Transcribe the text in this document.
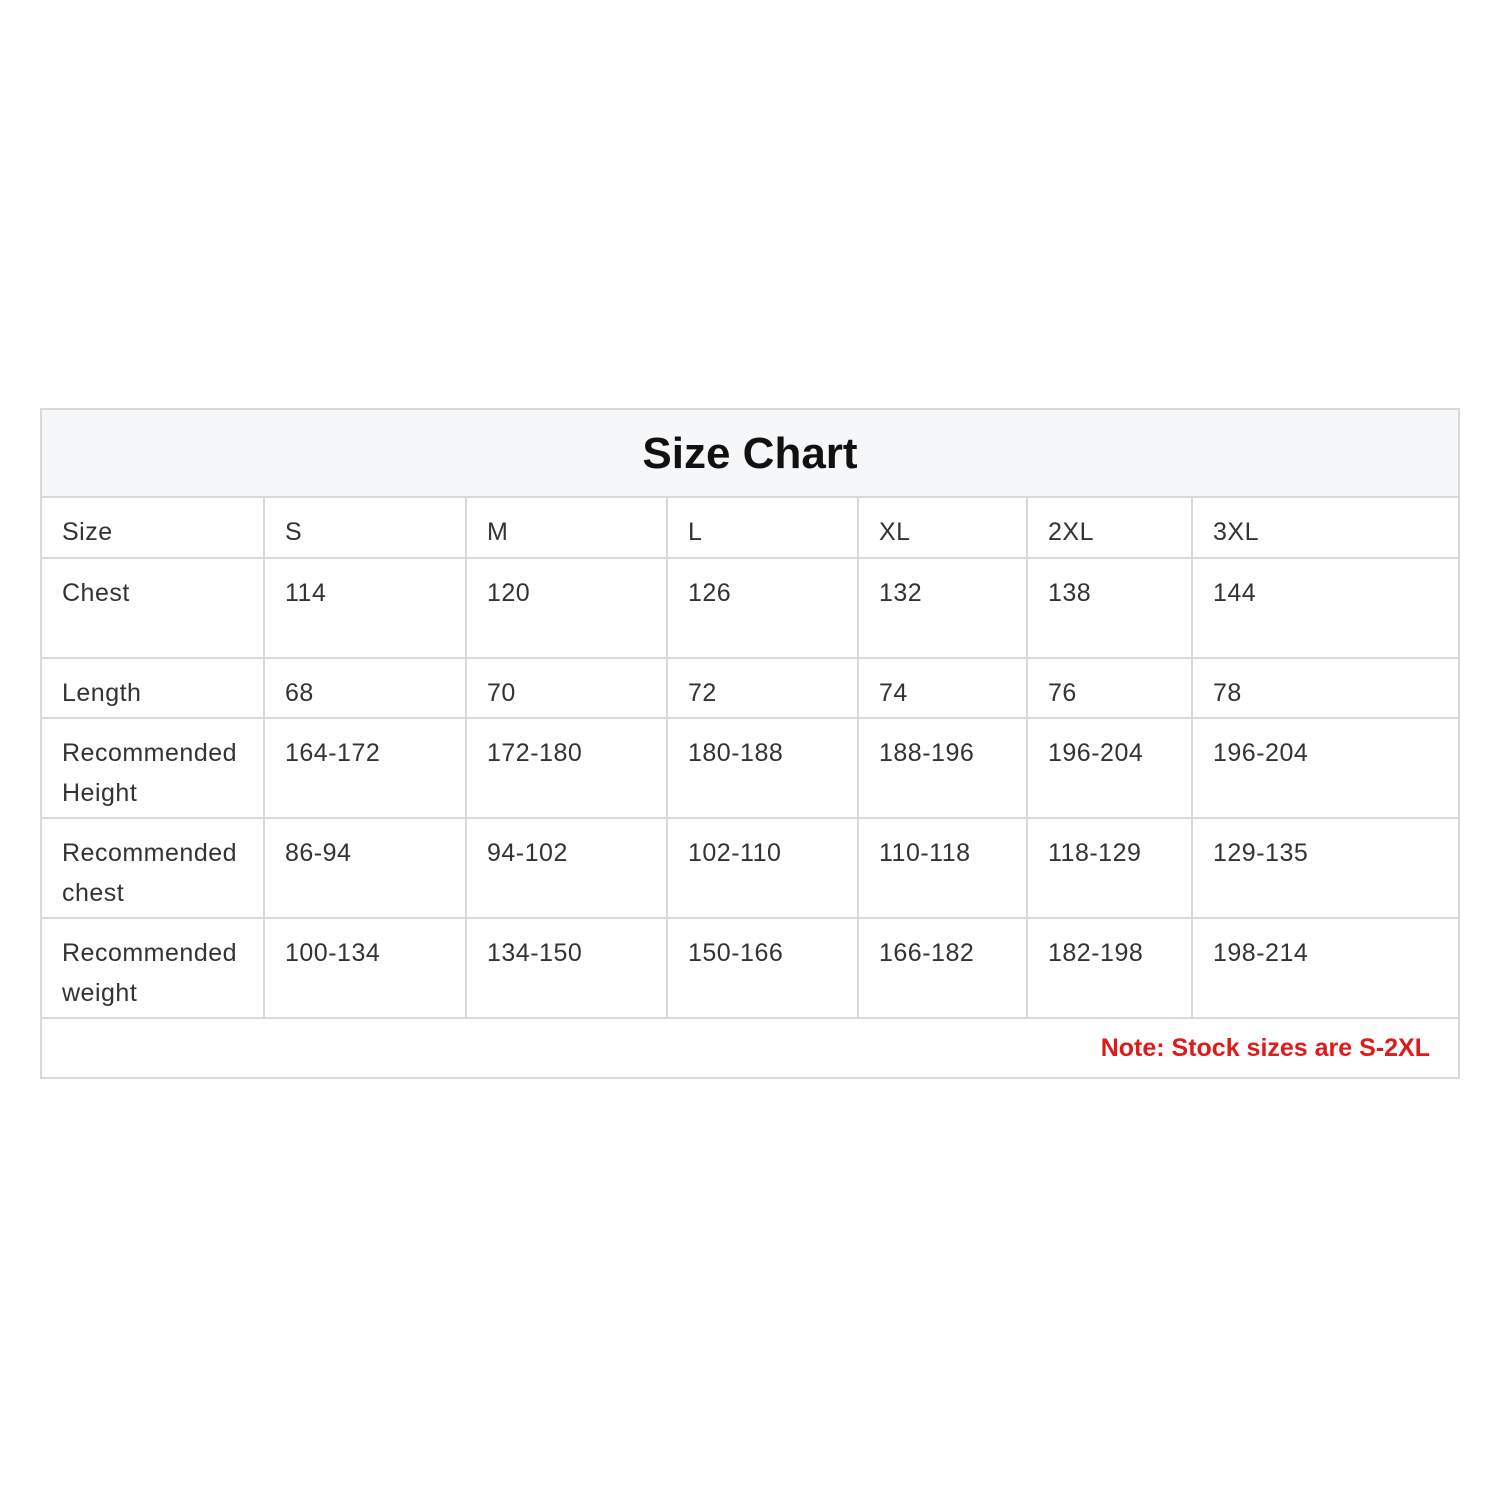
Size Chart
Size	S	M	L	XL	2XL	3XL
Chest	114	120	126	132	138	144
Length	68	70	72	74	76	78
Recommended Height	164-172	172-180	180-188	188-196	196-204	196-204
Recommended chest	86-94	94-102	102-110	110-118	118-129	129-135
Recommended weight	100-134	134-150	150-166	166-182	182-198	198-214
Note: Stock sizes are S-2XL
